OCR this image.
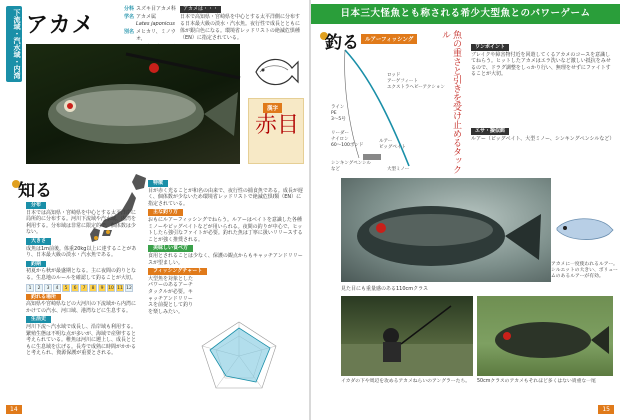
下流域・汽水域・内湾 アカメ
分科 スズキ目アカメ科
学名 アカメ属
Lates japonicus
別名 メヒカリ、ミノウオ、
アカメは・・・
日本で高知県・宮崎県を中心とする太平洋側に分布する日本最大級の淡水・汽水魚。夜行性で成長とともに体が銀白色になる。環境省レッドリストの絶滅危惧種（EN）に指定されている。
漢字
赤目
知る
分布
日本では高知県・宮崎県を中心とする太平洋岸に局所的に分布する。河川下流域や汽水域、内湾を利用する。分布域は非常に限定的で、個体数は少ない。
大きさ
成魚は1m前後。体重20kg以上に達することがあり、日本最大級の淡水・汽水魚である。
釣期
初夏から秋が最盛期となる。主に夜間の釣りとなる。生息地のルールを確認して釣ることが大切。
1	2	3	4	5	6	7	8	9	10 11 12
釣れる場所
高知県や宮崎県などの大河川の下流域から内湾にかけての汽水、河口域、港湾などに生息する。
生活史
河川下流〜汽水域で成長し、沿岸域も利用する。繁殖生態は不明な点が多いが、海域で産卵すると考えられている。稚魚は河川に遡上し、成長とともに生息域を広げる。長寿で成熟に時間がかかると考えられ、資源保護が重要とされる。
特徴
目が赤く光ることが和名の由来で、夜行性の捕食魚である。成長が遅く、個体数が少ないため環境省レッドリストで絶滅危惧Ⅰ類（EN）に指定されている。
主な釣り方
おもにルアーフィッシングでねらう。ルアーはベイトを意識した各種ミノーやビッグベイトなどが用いられる。夜間の釣りが中心で、ヒットしたら強引なファイトが必要。釣れた魚は丁寧に扱いリリースすることが強く推奨される。
美味しい食べ方
食用とされることは少なく、保護の観点からもキャッチアンドリリースが望ましい。
フィッシングチャート
大型魚を対象としたパワーのあるアーチタックルが必要。キャッチアンドリリースを前提として釣りを楽しみたい。
14
日本三大怪魚とも称される希少大型魚とのパワーゲーム
釣る	ルアーフィッシング
ロッド
アーゲフィート
エクストラヘビーアクション
ライン
PE
3〜5号
リーダー
ナイロン
60〜100ポンド
ルアー
ビッグベイト
大型ミノー
シンキングペンシル
など	魚の重さと引きを受け止めるタックル
ワンポイント
ブレイクや障害物付近を回遊してくるアカメのコースを意識してねらう。ヒットしたアカメはエラ洗いなど激しい抵抗をみせるので、ドラグ調整をしっかり行い、無理をせずにファイトすることが大切。
エサ・擬似餌
ルアー（ビッグベイト、大型ミノー、シンキングペンシルなど）
見た目にも重量感のある110cmクラス
アカメに一度使われるルアー。シルエットの大きい、ボリュームのあるルアーが有効。
イカダの下や周辺を攻めるアカメねらいのアングラーたち。	50cmクラスのアカメもそれほど多くはない貴重な一尾
15
